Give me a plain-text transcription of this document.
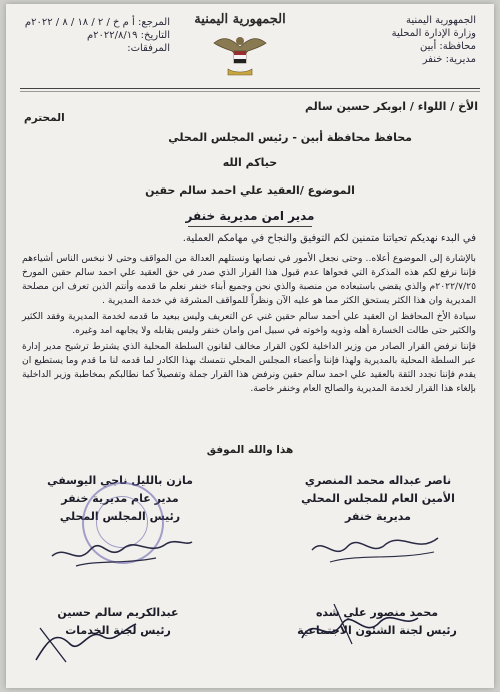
الجمهورية اليمنية
وزارة الإدارة المحلية
محافظة: أبين
مديرية: خنفر
الجمهورية اليمنية
المرجع: أ م خ / ٢ / ١٨ / ٨ / ٢٠٢٢م
التاريخ: ٢٠٢٢/٨/١٩م
المرفقات:
الأخ / اللواء / ابوبكر حسين سالم
المحترم
محافظ محافظة أبين - رئيس المجلس المحلي
حياكم الله
الموضوع /العقيد علي احمد سالم حقين
مدير امن مديرية خنفر

في البدء نهديكم تحياتنا متمنين لكم التوفيق والنجاح في مهامكم العملية.

بالإشارة إلى الموضوع أعلاه.. وحتى نجعل الأمور في نصابها ونستلهم العدالة من المواقف وحتى لا نبخس الناس أشياءهم فإننا نرفع لكم هذه المذكرة التي فحواها عدم قبول هذا القرار الذي صدر في حق العقيد علي احمد سالم حقين المورخ ٢٠٢٢/٧/٢٥م والذي يقضي باستبعاده من منصبة والذي نحن وجميع أبناء خنفر نعلم ما قدمه وأنتم الذين تعرف ابن مصلحة المديرية وان هذا الكثر يستحق الكثر مما هو عليه الآن ونظراً للمواقف المشرقة في خدمة المديرية .

سيادة الأخ المحافظ ان العقيد علي أحمد سالم حقين غني عن التعريف وليس ببعيد ما قدمه لخدمة المديرية وفقد الكثير والكثير حتى طالت الخسارة أهله وذويه واخوته في سبيل امن وامان خنفر وليس يقابله ولا يجابهه امد وغيره.

فإننا نرفض القرار الصادر من وزير الداخلية لكون القرار مخالف لقانون السلطة المحلية الذي يشترط ترشيح مدير إدارة عبر السلطة المحلية بالمديرية ولهذا فإننا وأعضاء المجلس المحلي نتمسك بهذا الكادر لما قدمه لنا ما قدم وما يستطيع ان يقدم فإننا نجدد الثقة بالعقيد علي احمد سالم حقين ونرفض هذا القرار جملة وتفصيلاً كما نطالبكم بمخاطبة وزير الداخلية بإلغاء هذا القرار لخدمة المديرية والصالح العام وخنفر خاصة.

هذا والله الموفق
ناصر عبداله محمد المنصري
الأمين العام للمجلس المحلي
مديرية خنفر
مازن بالليل ناجي اليوسفي
مدير عام مديرية خنفر
رئيس المجلس المحلي
محمد منصور علي شده
رئيس لجنة الشئون الاجتماعية
عبدالكريم سالم حسين
رئيس لجنة الخدمات
